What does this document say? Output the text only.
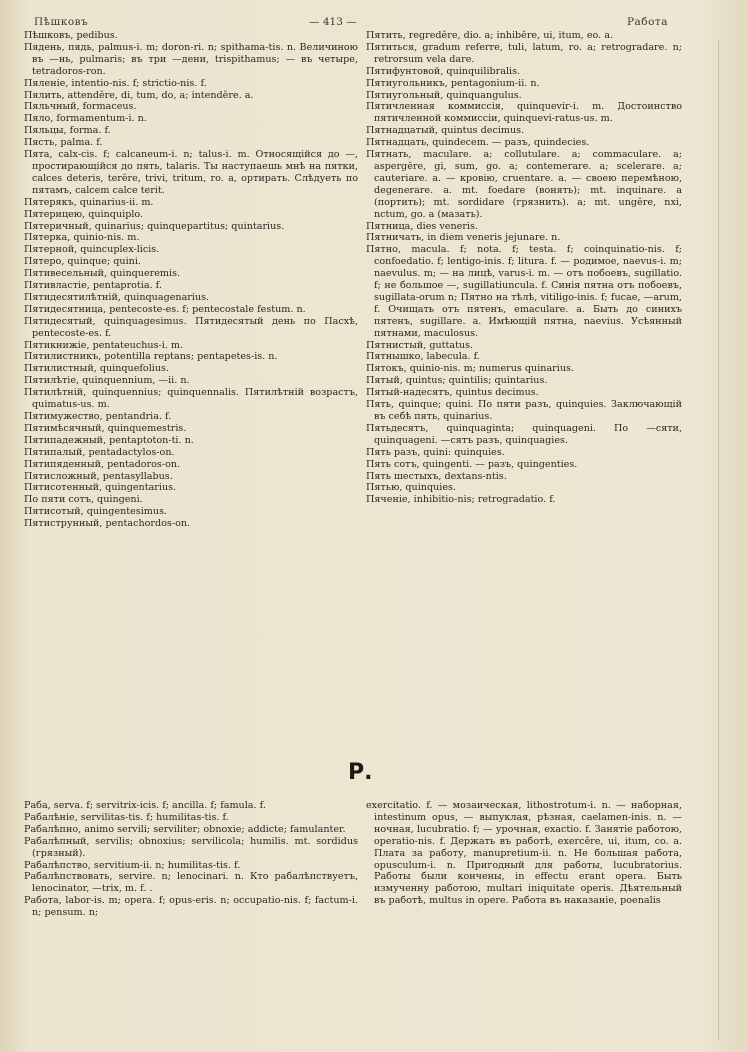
Пѣшковъ	— 413 —	Работа

Пѣшковъ, pedibus.

Пядень, пядь, palmus-i. m; doron-ri. n; spithama-tis. n. Величиною въ —нь, pulmaris; въ три —дени, trispithamus; — въ четыре, tetradoros-ron.

Пяленіе, intentio-nis. f; strictio-nis. f.

Пялить, attendĕre, di, tum, do, a; intendĕre. a.

Пяльчный, formaceus.

Пяло, formamentum-i. n.

Пяльцы, forma. f.

Пясть, palma. f.

Пята, calx-cis. f; calcaneum-i. n; talus-i. m. Относящійся до —, простирающійся до пять, talaris. Ты наступаешь мнѣ на пятки, calces deteris, terĕre, trivi, tritum, ro. a, ортирать. Слѣдуеть по пятамъ, calcem calce terit.

Пятерякъ, quinarius-ii. m.

Пятерицею, quinquiplo.

Пятеричный, quinarius; quinquepartitus; quintarius.

Пятерка, quinio-nis. m.

Пятерной, quincuplex-licis.

Пятеро, quinque; quini.

Пятивесельный, quinqueremis.

Пятивластіе, pentaprotia. f.

Пятидесятилѣтній, quinquagenarius.

Пятидесятница, pentecoste-es. f; pentecostale festum. n.

Пятидесятый, quinquagesimus. Пятидесятый день по Пасхѣ, pentecoste-es. f.

Пятикнижіе, pentateuchus-i. m.

Пятилистникъ, potentilla reptans; pentapetes-is. n.

Пятилистный, quinquefolius.

Пятилѣтіе, quinquennium, —ii. n.

Пятилѣтній, quinquennius; quinquennalis. Пятилѣтній возрастъ, quimatus-us. m.

Пятимужество, pentandria. f.

Пятимѣсячный, quinquemestris.

Пятипадежный, pentaptoton-ti. n.

Пятипалый, pentadactylos-on.

Пятипяденный, pentadoros-on.

Пятисложный, pentasyllabus.

Пятисотенный, quingentarius.

По пяти сотъ, quingeni.

Пятисотый, quingentesimus.

Пятиструнный, pentachordos-on.

Пятить, regredĕre, dio. a; inhibĕre, ui, itum, eo. a.

Пятиться, gradum referre, tuli, latum, ro. a; retrogradare. n; retrorsum vela dare.

Пятифунтовой, quinquilibralis.

Пятиугольникъ, pentagonium-ii. n.

Пятиугольный, quinquangulus.

Пятичленная коммиссія, quinquevir-i. m. Достоинство пятичленной коммиссіи, quinquevi-ratus-us. m.

Пятнадцатый, quintus decimus.

Пятнадцать, quindecem. — разъ, quindecies.

Пятнать, maculare. a; collutulare. a; commaculare. a; aspergĕre, gi, sum, go. a; contemerare. a; scelerare. a; cauteriare. a. — кровію, cruentare. a. — своею перемѣною, degenerare. a. mt. foedare (вонять); mt. inquinare. a (портить); mt. sordidare (грязнить). a; mt. ungĕre, nxi, nctum, go. a (мазать).

Пятница, dies veneris.

Пятничать, in diem veneris jejunare. n.

Пятно, macula. f; nota. f; testa. f; coinquinatio-nis. f; confoedatio. f; lentigo-inis. f; litura. f. — родимое, naevus-i. m; naevulus. m; — на лицѣ, varus-i. m. — отъ побоевъ, sugillatio. f; не большое —, sugillatiuncula. f. Синія пятна отъ побоевъ, sugillata-orum n; Пятно на тѣлѣ, vitiligo-inis. f; fucae, —arum, f. Очищать отъ пятенъ, emaculare. a. Быть до синихъ пятенъ, sugillare. a. Имѣющій пятна, naevius. Усѣянный пятнами, maculosus.

Пятнистый, guttatus.

Пятнышко, labecula. f.

Пятокъ, quinio-nis. m; numerus quinarius.

Пятый, quintus; quintilis; quintarius.

Пятый-надесятъ, quintus decimus.

Пять, quinque; quini. По пяти разъ, quinquies. Заключающій въ себѣ пять, quinarius.

Пятьдесятъ, quinquaginta; quinquageni. По —сяти, quinquageni. —сятъ разъ, quinquagies.

Пять разъ, quini: quinquies.

Пять сотъ, quingenti. — разъ, quingenties.

Пять шестыхъ, dextans-ntis.

Пятью, quinquies.

Пяченіе, inhibitio-nis; retrogradatio. f.

Р.

Раба, serva. f; servitrix-icis. f; ancilla. f; famula. f.

Рабалѣніе, servilitas-tis. f; humilitas-tis. f.

Рабалѣпно, animo servili; serviliter; obnoxie; addicte; famulanter.

Рабалѣпный, servilis; obnoxius; servilicola; humilis. mt. sordidus (грязный).

Рабалѣпство, servitium-ii. n; humilitas-tis. f.

Рабалѣпствовать, servire. n; lenocinari. n. Кто рабалѣпствуетъ, lenocinator, —trix, m. f. .

Работа, labor-is. m; opera. f; opus-eris. n; occupatio-nis. f; factum-i. n; pensum. n;

exercitatio. f. — мозаическая, lithostrotum-i. n. — наборная, intestinum opus, — выпуклая, рѣзная, caelamen-inis. n. — ночная, lucubratio. f; — урочная, exactio. f. Занятіе работою, operatio-nis. f. Держать въ работѣ, exercĕre, ui, itum, co. a. Плата за работу, manupretium-ii. n. Не большая работа, opusculum-i. n. Пригодный для работы, lucubratorius. Работы были кончены, in effectu erant opera. Быть измученну работою, multari iniquitate operis. Дѣятельный въ работѣ, multus in opere. Работа въ наказаніе, poenalis
